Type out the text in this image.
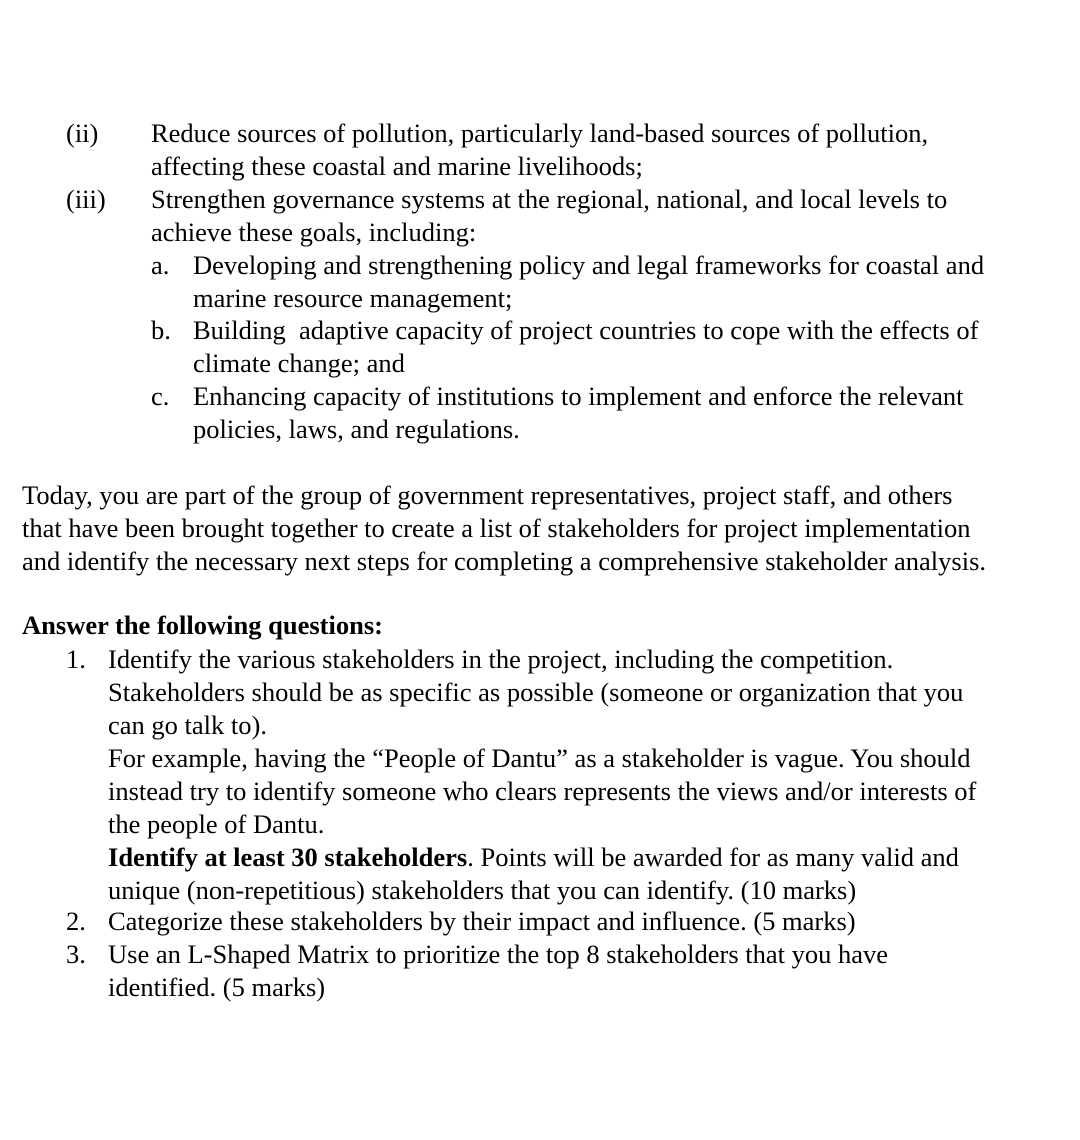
(ii) Reduce sources of pollution, particularly land-based sources of pollution,
affecting these coastal and marine livelihoods;
(iii) Strengthen governance systems at the regional, national, and local levels to
achieve these goals, including:
a. Developing and strengthening policy and legal frameworks for coastal and
marine resource management;
b. Building  adaptive capacity of project countries to cope with the effects of
climate change; and
c. Enhancing capacity of institutions to implement and enforce the relevant
policies, laws, and regulations.
Today, you are part of the group of government representatives, project staff, and others
that have been brought together to create a list of stakeholders for project implementation
and identify the necessary next steps for completing a comprehensive stakeholder analysis.
Answer the following questions:
1. Identify the various stakeholders in the project, including the competition.
Stakeholders should be as specific as possible (someone or organization that you
can go talk to).
For example, having the “People of Dantu” as a stakeholder is vague. You should
instead try to identify someone who clears represents the views and/or interests of
the people of Dantu.
Identify at least 30 stakeholders. Points will be awarded for as many valid and
unique (non-repetitious) stakeholders that you can identify. (10 marks)
2. Categorize these stakeholders by their impact and influence. (5 marks)
3. Use an L-Shaped Matrix to prioritize the top 8 stakeholders that you have
identified. (5 marks)
